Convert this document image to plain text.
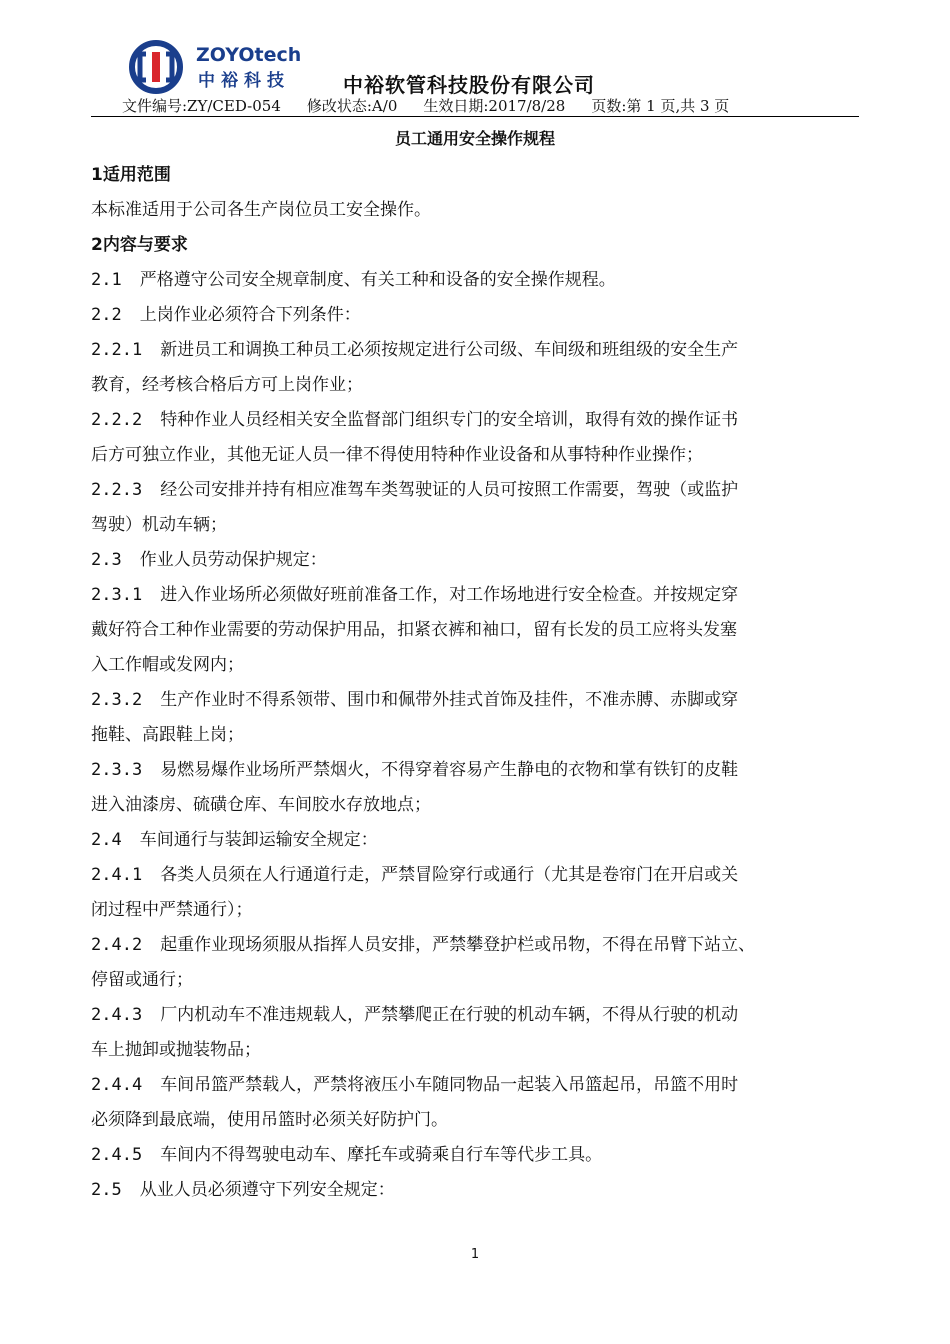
ZOYOtech
中裕科技	中裕软管科技股份有限公司
文件编号:ZY/CED-054 修改状态:A/0 生效日期:2017/8/28 页数:第 1 页,共 3 页
员工通用安全操作规程

1适用范围

本标准适用于公司各生产岗位员工安全操作。

2内容与要求

2.1 严格遵守公司安全规章制度、有关工种和设备的安全操作规程。

2.2 上岗作业必须符合下列条件：

2.2.1 新进员工和调换工种员工必须按规定进行公司级、车间级和班组级的安全生产

教育，经考核合格后方可上岗作业；

2.2.2 特种作业人员经相关安全监督部门组织专门的安全培训，取得有效的操作证书

后方可独立作业，其他无证人员一律不得使用特种作业设备和从事特种作业操作；

2.2.3 经公司安排并持有相应准驾车类驾驶证的人员可按照工作需要，驾驶（或监护

驾驶）机动车辆；

2.3 作业人员劳动保护规定：

2.3.1 进入作业场所必须做好班前准备工作，对工作场地进行安全检查。并按规定穿

戴好符合工种作业需要的劳动保护用品，扣紧衣裤和袖口，留有长发的员工应将头发塞

入工作帽或发网内；

2.3.2 生产作业时不得系领带、围巾和佩带外挂式首饰及挂件，不准赤膊、赤脚或穿

拖鞋、高跟鞋上岗；

2.3.3 易燃易爆作业场所严禁烟火，不得穿着容易产生静电的衣物和掌有铁钉的皮鞋

进入油漆房、硫磺仓库、车间胶水存放地点；

2.4 车间通行与装卸运输安全规定：

2.4.1 各类人员须在人行通道行走，严禁冒险穿行或通行（尤其是卷帘门在开启或关

闭过程中严禁通行）；

2.4.2 起重作业现场须服从指挥人员安排，严禁攀登护栏或吊物，不得在吊臂下站立、

停留或通行；

2.4.3 厂内机动车不准违规载人，严禁攀爬正在行驶的机动车辆，不得从行驶的机动

车上抛卸或抛装物品；

2.4.4 车间吊篮严禁载人，严禁将液压小车随同物品一起装入吊篮起吊，吊篮不用时

必须降到最底端，使用吊篮时必须关好防护门。

2.4.5 车间内不得驾驶电动车、摩托车或骑乘自行车等代步工具。

2.5 从业人员必须遵守下列安全规定：

1
